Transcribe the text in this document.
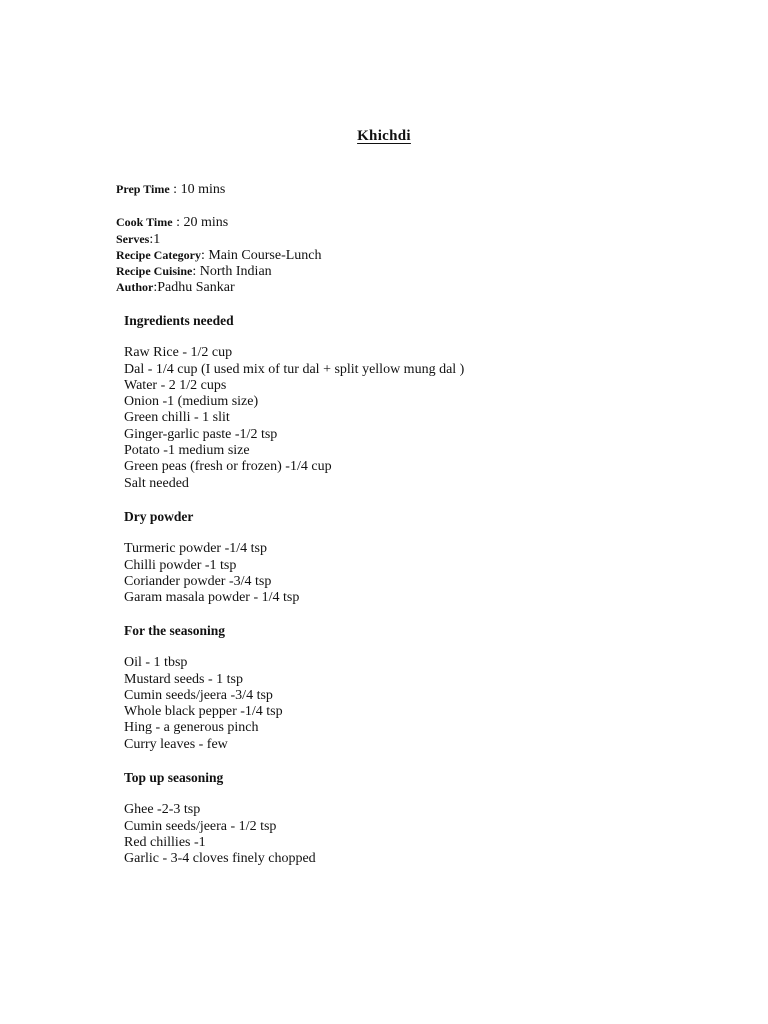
Khichdi
Prep Time : 10 mins
Cook Time : 20 mins
Serves:1
Recipe Category: Main Course-Lunch
Recipe Cuisine: North Indian
Author:Padhu Sankar
Ingredients needed
Raw Rice - 1/2 cup
Dal - 1/4 cup (I used mix of tur dal + split yellow mung dal )
Water - 2 1/2 cups
Onion -1 (medium size)
Green chilli - 1 slit
Ginger-garlic paste -1/2 tsp
Potato -1 medium size
Green peas (fresh or frozen) -1/4 cup
Salt needed
Dry powder
Turmeric powder -1/4 tsp
Chilli powder -1 tsp
Coriander powder -3/4 tsp
Garam masala powder - 1/4 tsp
For the seasoning
Oil - 1 tbsp
Mustard seeds - 1 tsp
Cumin seeds/jeera -3/4 tsp
Whole black pepper -1/4 tsp
Hing - a generous pinch
Curry leaves - few
Top up seasoning
Ghee -2-3 tsp
Cumin seeds/jeera - 1/2 tsp
Red chillies -1
Garlic - 3-4 cloves finely chopped
